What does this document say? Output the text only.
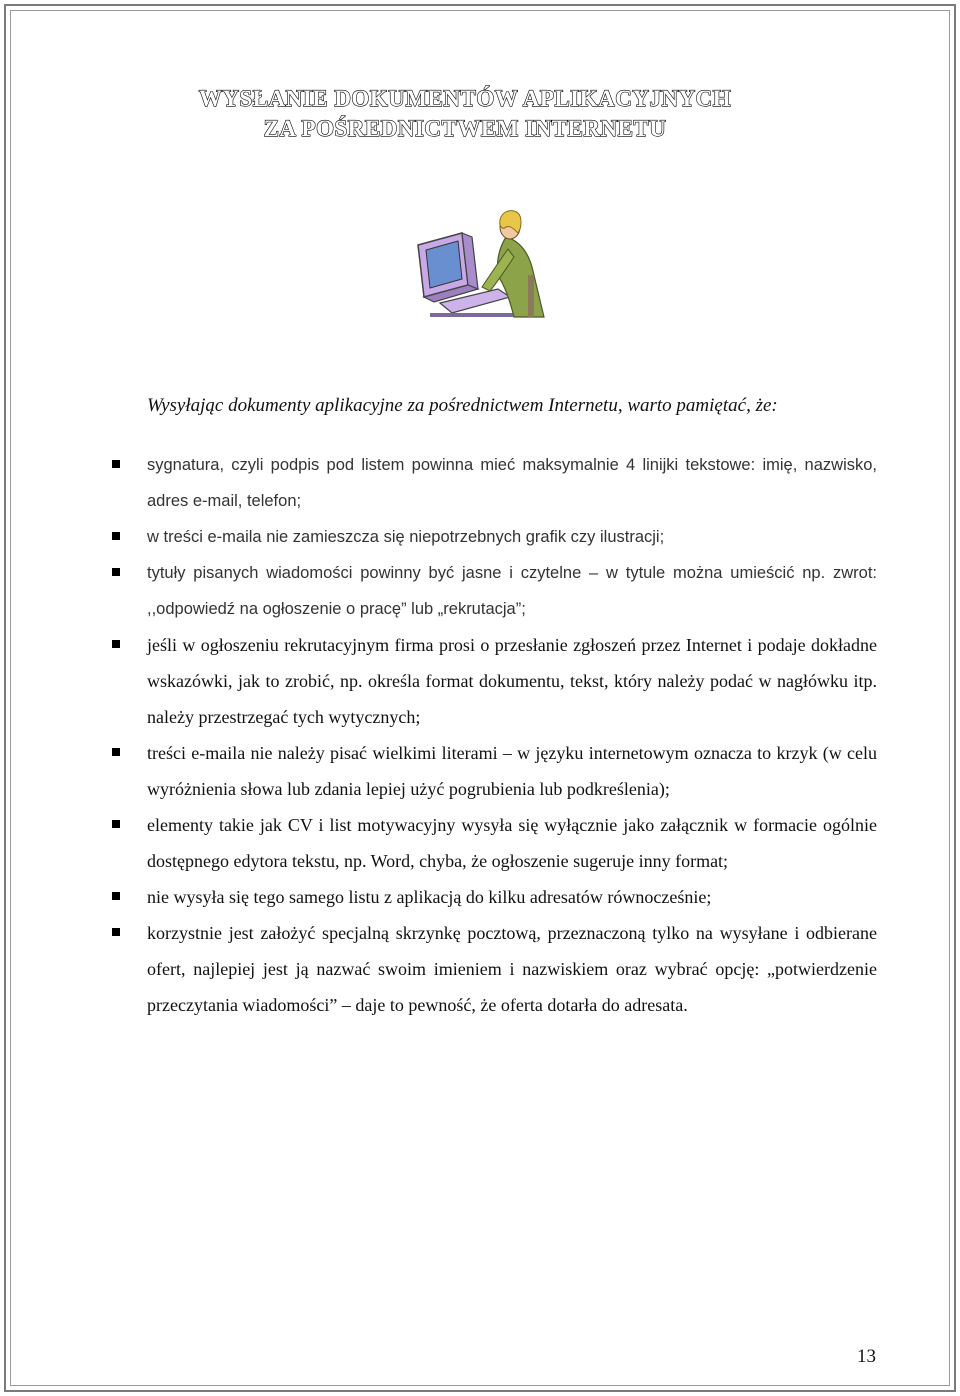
WYSŁANIE DOKUMENTÓW APLIKACYJNYCH
ZA POŚREDNICTWEM INTERNETU
Wysyłając dokumenty aplikacyjne za pośrednictwem Internetu, warto pamiętać, że:
sygnatura, czyli podpis pod listem powinna mieć maksymalnie 4 linijki tekstowe: imię, nazwisko, adres e-mail, telefon;
w treści e-maila nie zamieszcza się niepotrzebnych grafik czy ilustracji;
tytuły pisanych wiadomości powinny być jasne i czytelne – w tytule można umieścić np. zwrot: ,,odpowiedź na ogłoszenie o pracę” lub „rekrutacja”;
jeśli w ogłoszeniu rekrutacyjnym firma prosi o przesłanie zgłoszeń przez Internet i podaje dokładne wskazówki, jak to zrobić, np. określa format dokumentu, tekst, który należy podać w nagłówku itp. należy przestrzegać tych wytycznych;
treści e-maila nie należy pisać wielkimi literami – w języku internetowym oznacza to krzyk (w celu wyróżnienia słowa lub zdania lepiej użyć pogrubienia lub podkreślenia);
elementy takie jak CV i list motywacyjny wysyła się wyłącznie jako załącznik w formacie ogólnie dostępnego edytora tekstu, np. Word, chyba, że ogłoszenie sugeruje inny format;
nie wysyła się tego samego listu z aplikacją do kilku adresatów równocześnie;
korzystnie jest założyć specjalną skrzynkę pocztową, przeznaczoną tylko na wysyłane i odbierane ofert, najlepiej jest ją nazwać swoim imieniem i nazwiskiem oraz wybrać opcję: „potwierdzenie przeczytania wiadomości” – daje to pewność, że oferta dotarła do adresata.
13
